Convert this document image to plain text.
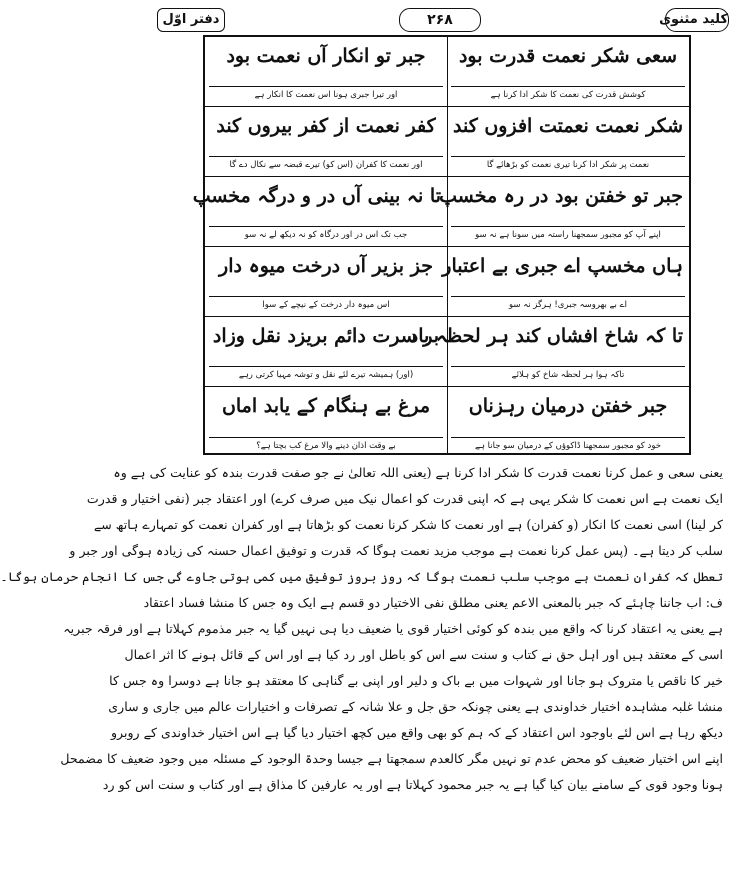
کلید مثنوی
۲۶۸
دفتر اوّل
سعی شکر نعمت قدرت بود
کوشش قدرت کی نعمت کا شکر ادا کرنا ہے
جبر تو انکار آں نعمت بود
اور تیرا جبری ہونا اس نعمت کا انکار ہے
شکر نعمت نعمتت افزوں کند
نعمت پر شکر ادا کرنا تیری نعمت کو بڑھائے گا
کفر نعمت از کفر بیروں کند
اور نعمت کا کفران (اس کو) تیرے قبضہ سے نکال دے گا
جبر تو خفتن بود در رہ مخسپ
اپنے آپ کو مجبور سمجھنا راستہ میں سونا ہے نہ سو
تا نہ بینی آں در و درگہ مخسپ
جب تک اس در اور درگاہ کو نہ دیکھ لے نہ سو
ہاں مخسپ اے جبری بے اعتبار
اے بے بھروسہ جبری! ہرگز نہ سو
جز بزیر آں درخت میوہ دار
اس میوہ دار درخت کے نیچے کے سوا
تا کہ شاخ افشاں کند ہر لحظہ باد
تاکہ ہوا ہر لحظہ شاخ کو ہلائے
بر سرت دائم بریزد نقل وزاد
(اور) ہمیشہ تیرے لئے نقل و توشہ مہیا کرتی رہے
جبر خفتن درمیان رہزناں
خود کو مجبور سمجھنا ڈاکوؤں کے درمیان سو جانا ہے
مرغ بے ہنگام کے یابد اماں
بے وقت اذان دینے والا مرغ کب بچتا ہے؟
یعنی سعی و عمل کرنا نعمت قدرت کا شکر ادا کرنا ہے (یعنی اللہ تعالیٰ نے جو صفت قدرت بندہ کو عنایت کی ہے وہ
ایک نعمت ہے اس نعمت کا شکر یہی ہے کہ اپنی قدرت کو اعمال نیک میں صرف کرے) اور اعتقاد جبر (نفی اختیار و قدرت
کر لینا) اسی نعمت کا انکار (و کفران) ہے اور نعمت کا شکر کرنا نعمت کو بڑھاتا ہے اور کفران نعمت کو تمہارے ہاتھ سے
سلب کر دیتا ہے۔ (پس عمل کرنا نعمت ہے موجب مزید نعمت ہوگا کہ قدرت و توفیق اعمال حسنہ کی زیادہ ہوگی اور جبر و
تعطل کہ کفران نعمت ہے موجب سلب نعمت ہوگا کہ روز بروز توفیق میں کمی ہوتی جاوے گی جس کا انجام حرمان ہوگا۔
ف: اب جاننا چاہئے کہ جبر بالمعنی الاعم یعنی مطلق نفی الاختیار دو قسم ہے ایک وہ جس کا منشا فساد اعتقاد
ہے یعنی یہ اعتقاد کرنا کہ واقع میں بندہ کو کوئی اختیار قوی یا ضعیف دیا ہی نہیں گیا یہ جبر مذموم کہلاتا ہے اور فرقہ جبریہ
اسی کے معتقد ہیں اور اہل حق نے کتاب و سنت سے اس کو باطل اور رد کیا ہے اور اس کے قائل ہونے کا اثر اعمال
خیر کا ناقص یا متروک ہو جانا اور شہوات میں بے باک و دلیر اور اپنی بے گناہی کا معتقد ہو جانا ہے دوسرا وہ جس کا
منشا غلبہ مشاہدہ اختیار خداوندی ہے یعنی چونکہ حق جل و علا شانہ کے تصرفات و اختیارات عالم میں جاری و ساری
دیکھ رہا ہے اس لئے باوجود اس اعتقاد کے کہ ہم کو بھی واقع میں کچھ اختیار دیا گیا ہے اس اختیار خداوندی کے روبرو
اپنے اس اختیار ضعیف کو محض عدم تو نہیں مگر کالعدم سمجھتا ہے جیسا وحدۃ الوجود کے مسئلہ میں وجود ضعیف کا مضمحل
ہونا وجود قوی کے سامنے بیان کیا گیا ہے یہ جبر محمود کہلاتا ہے اور یہ عارفین کا مذاق ہے اور کتاب و سنت اس کو رد
